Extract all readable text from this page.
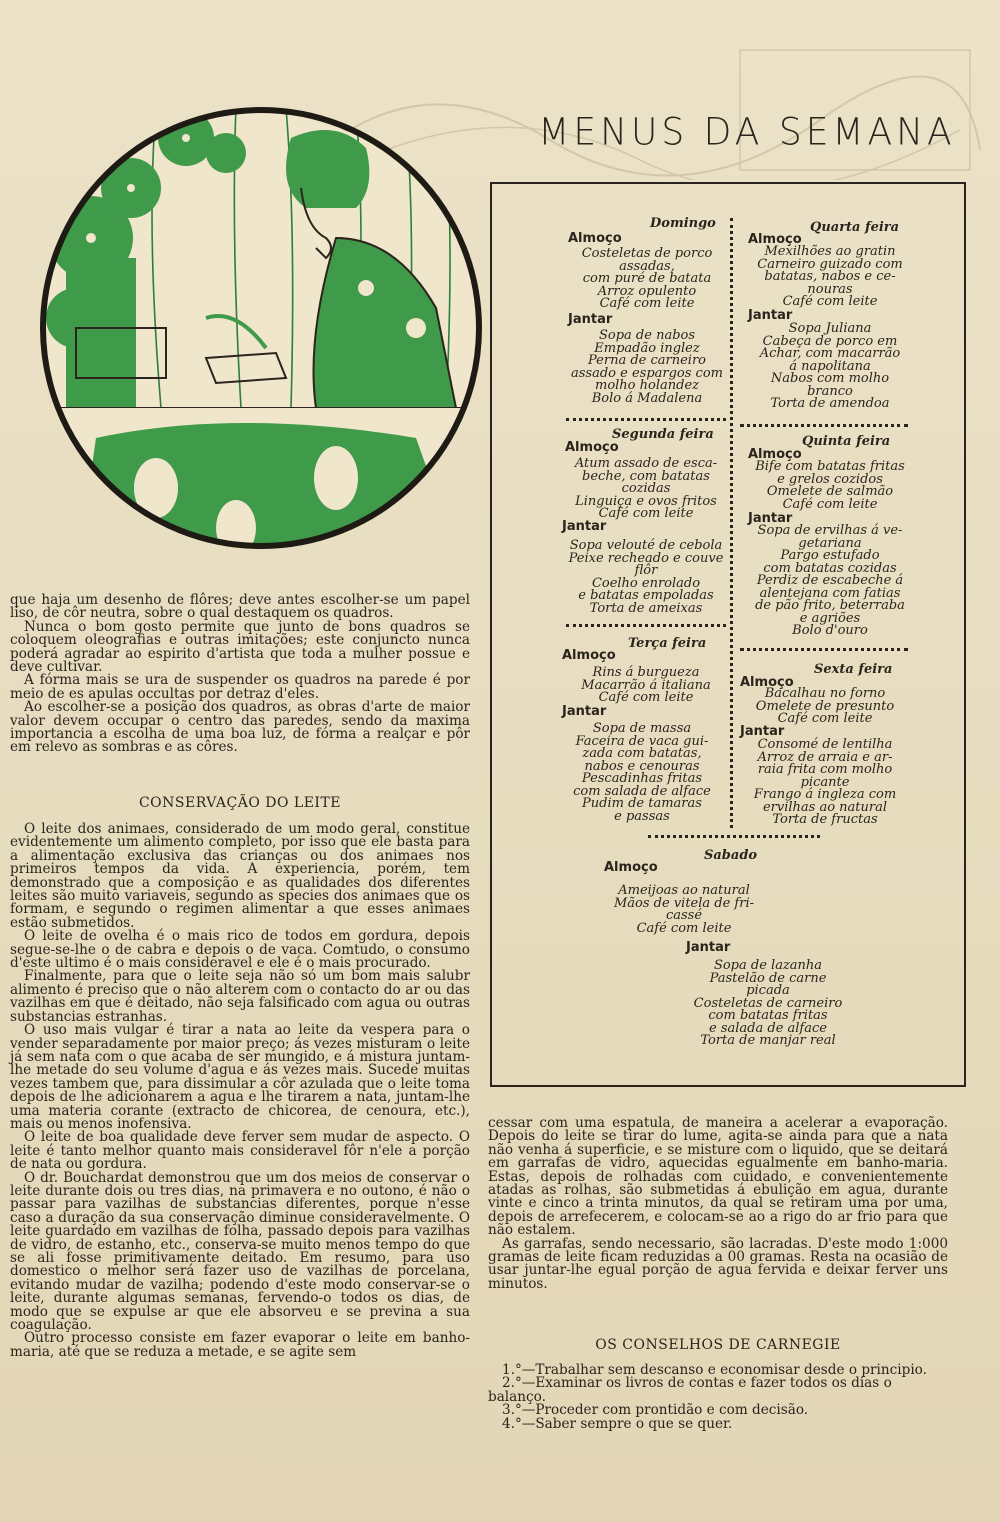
MENUS DA SEMANA
Domingo
Almoço
Costeletas de porco
assadas,
com puré de batata
Arroz opulento
Café com leite
Jantar
Sopa de nabos
Empadão inglez
Perna de carneiro
assado e espargos com
molho holandez
Bolo á Madalena
Quarta feira
Almoço
Mexilhões ao gratin
Carneiro guizado com
batatas, nabos e ce-
nouras
Café com leite
Jantar
Sopa Juliana
Cabeça de porco em
Achar, com macarrão
á napolitana
Nabos com molho
branco
Torta de amendoa
Segunda feira
Almoço
Atum assado de esca-
beche, com batatas
cozidas
Linguiça e ovos fritos
Café com leite
Jantar
Sopa velouté de cebola
Peixe recheado e couve
flôr
Coelho enrolado
e batatas empoladas
Torta de ameixas
Quinta feira
Almoço
Bife com batatas fritas
e grelos cozidos
Omelete de salmão
Café com leite
Jantar
Sopa de ervilhas á ve-
getariana
Pargo estufado
com batatas cozidas
Perdiz de escabeche á
alentejana com fatias
de pão frito, beterraba
e agriões
Bolo d'ouro
Terça feira
Almoço
Rins á burgueza
Macarrão á italiana
Café com leite
Jantar
Sopa de massa
Faceira de vaca gui-
zada com batatas,
nabos e cenouras
Pescadinhas fritas
com salada de alface
Pudim de tamaras
e passas
Sexta feira
Almoço
Bacalhau no forno
Omelete de presunto
Café com leite
Jantar
Consomé de lentilha
Arroz de arraia e ar-
raia frita com molho
picante
Frango á ingleza com
ervilhas ao natural
Torta de fructas
Sabado
Almoço
Ameijoas ao natural
Mãos de vitela de fri-
cassé
Café com leite
Jantar
Sopa de lazanha
Pastelão de carne
picada
Costeletas de carneiro
com batatas fritas
e salada de alface
Torta de manjar real

que haja um desenho de flôres; deve antes escolher-se um papel liso, de côr neutra, sobre o qual destaquem os quadros.

Nunca o bom gosto permite que junto de bons quadros se coloquem oleografias e outras imitações; este conjuncto nunca poderá agradar ao espirito d'artista que toda a mulher possue e deve cultivar.

A fórma mais se ura de suspender os quadros na parede é por meio de es apulas occultas por detraz d'eles.

Ao escolher-se a posição dos quadros, as obras d'arte de maior valor devem occupar o centro das paredes, sendo da maxima importancia a escolha de uma boa luz, de fórma a realçar e pôr em relevo as sombras e as côres.

CONSERVAÇÃO DO LEITE

O leite dos animaes, considerado de um modo geral, constitue evidentemente um alimento completo, por isso que ele basta para a alimentação exclusiva das crianças ou dos animaes nos primeiros tempos da vida. A experiencia, porém, tem demonstrado que a composição e as qualidades dos diferentes leites são muito variaveis, segundo as species dos animaes que os formam, e segundo o regimen alimentar a que esses animaes estão submetidos.

O leite de ovelha é o mais rico de todos em gordura, depois segue-se-lhe o de cabra e depois o de vaca. Comtudo, o consumo d'este ultimo é o mais consideravel e ele é o mais procurado.

Finalmente, para que o leite seja não só um bom mais salubr alimento é preciso que o não alterem com o contacto do ar ou das vazilhas em que é deitado, não seja falsificado com agua ou outras substancias estranhas.

O uso mais vulgar é tirar a nata ao leite da vespera para o vender separadamente por maior preço; ás vezes misturam o leite já sem nata com o que acaba de ser mungido, e á mistura juntam-lhe metade do seu volume d'agua e ás vezes mais. Sucede muitas vezes tambem que, para dissimular a côr azulada que o leite toma depois de lhe adicionarem a agua e lhe tirarem a nata, juntam-lhe uma materia corante (extracto de chicorea, de cenoura, etc.), mais ou menos inofensiva.

O leite de boa qualidade deve ferver sem mudar de aspecto. O leite é tanto melhor quanto mais consideravel fôr n'ele a porção de nata ou gordura.

O dr. Bouchardat demonstrou que um dos meios de conservar o leite durante dois ou tres dias, na primavera e no outono, é não o passar para vazilhas de substancias diferentes, porque n'esse caso a duração da sua conservação diminue consideravelmente. O leite guardado em vazilhas de folha, passado depois para vazilhas de vidro, de estanho, etc., conserva-se muito menos tempo do que se ali fosse primitivamente deitado. Em resumo, para uso domestico o melhor será fazer uso de vazilhas de porcelana, evitando mudar de vazilha; podendo d'este modo conservar-se o leite, durante algumas semanas, fervendo-o todos os dias, de modo que se expulse ar que ele absorveu e se previna a sua coagulação.

Outro processo consiste em fazer evaporar o leite em banho-maria, até que se reduza a metade, e se agite sem

cessar com uma espatula, de maneira a acelerar a evaporação. Depois do leite se tirar do lume, agita-se ainda para que a nata não venha á superficie, e se misture com o liquido, que se deitará em garrafas de vidro, aquecidas egualmente em banho-maria. Estas, depois de rolhadas com cuidado, e convenientemente atadas as rolhas, são submetidas á ebulição em agua, durante vinte e cinco a trinta minutos, da qual se retiram uma por uma, depois de arrefecerem, e colocam-se ao a rigo do ar frio para que não estalem.

As garrafas, sendo necessario, são lacradas. D'este modo 1:000 gramas de leite ficam reduzidas a 00 gramas. Resta na ocasião de usar juntar-lhe egual porção de agua fervida e deixar ferver uns minutos.

OS CONSELHOS DE CARNEGIE
1.°—Trabalhar sem descanso e economisar desde o principio.
2.°—Examinar os livros de contas e fazer todos os dias o balanço.
3.°—Proceder com prontidão e com decisão.
4.°—Saber sempre o que se quer.
